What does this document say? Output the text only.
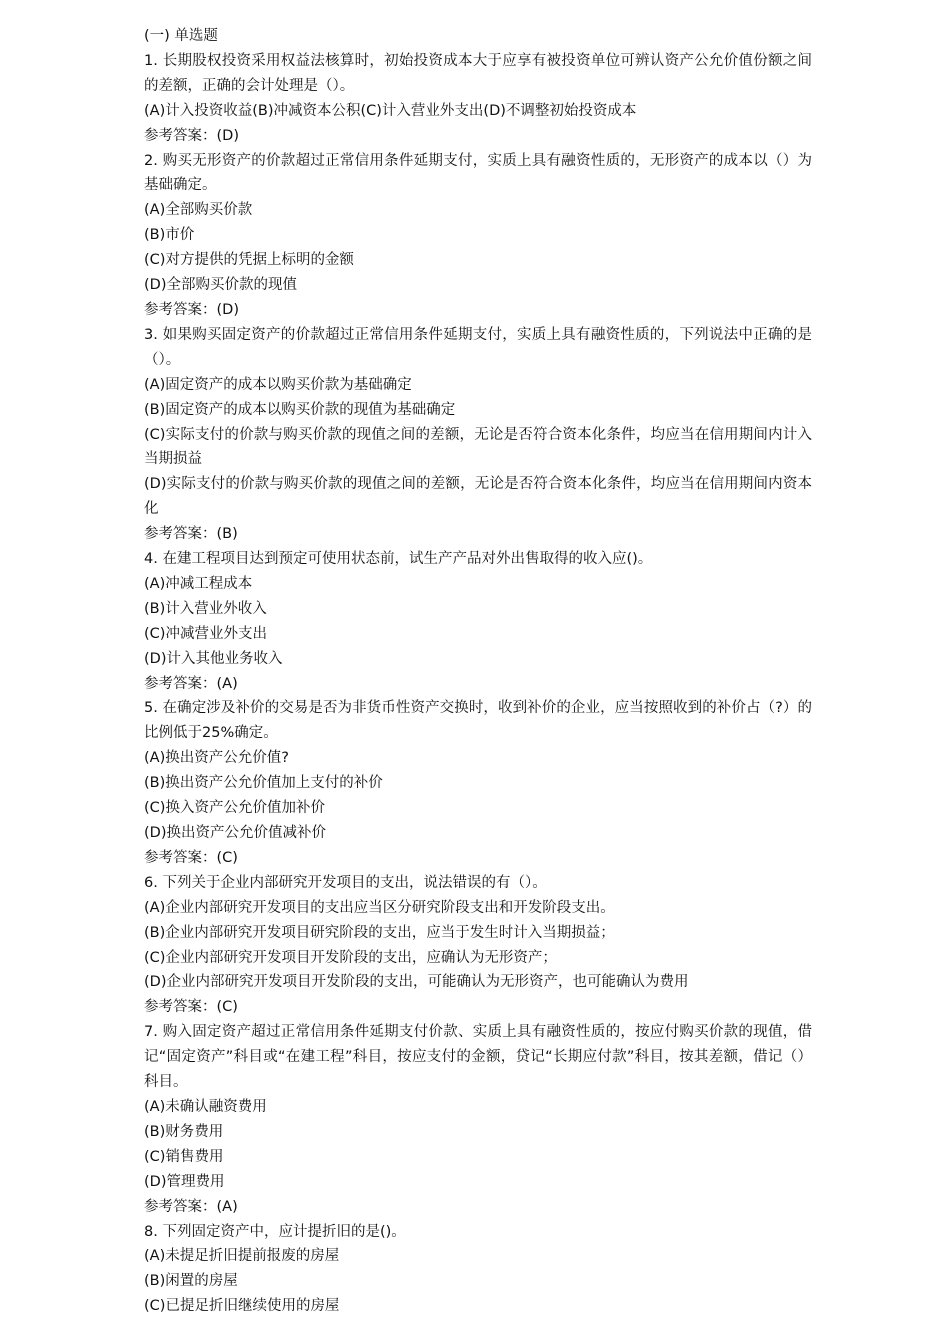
(一) 单选题
1. 长期股权投资采用权益法核算时，初始投资成本大于应享有被投资单位可辨认资产公允价值份额之间的差额，正确的会计处理是（）。
(A)计入投资收益(B)冲减资本公积(C)计入营业外支出(D)不调整初始投资成本
参考答案：(D)
2. 购买无形资产的价款超过正常信用条件延期支付，实质上具有融资性质的，无形资产的成本以（）为基础确定。
(A)全部购买价款
(B)市价
(C)对方提供的凭据上标明的金额
(D)全部购买价款的现值
参考答案：(D)
3. 如果购买固定资产的价款超过正常信用条件延期支付，实质上具有融资性质的，下列说法中正确的是（）。
(A)固定资产的成本以购买价款为基础确定
(B)固定资产的成本以购买价款的现值为基础确定
(C)实际支付的价款与购买价款的现值之间的差额，无论是否符合资本化条件，均应当在信用期间内计入当期损益
(D)实际支付的价款与购买价款的现值之间的差额，无论是否符合资本化条件，均应当在信用期间内资本化
参考答案：(B)
4. 在建工程项目达到预定可使用状态前，试生产产品对外出售取得的收入应()。
(A)冲减工程成本
(B)计入营业外收入
(C)冲减营业外支出
(D)计入其他业务收入
参考答案：(A)
5. 在确定涉及补价的交易是否为非货币性资产交换时，收到补价的企业，应当按照收到的补价占（?）的比例低于25%确定。
(A)换出资产公允价值?
(B)换出资产公允价值加上支付的补价
(C)换入资产公允价值加补价
(D)换出资产公允价值减补价
参考答案：(C)
6. 下列关于企业内部研究开发项目的支出，说法错误的有（）。
(A)企业内部研究开发项目的支出应当区分研究阶段支出和开发阶段支出。
(B)企业内部研究开发项目研究阶段的支出，应当于发生时计入当期损益；
(C)企业内部研究开发项目开发阶段的支出，应确认为无形资产；
(D)企业内部研究开发项目开发阶段的支出，可能确认为无形资产，也可能确认为费用
参考答案：(C)
7. 购入固定资产超过正常信用条件延期支付价款、实质上具有融资性质的，按应付购买价款的现值，借记“固定资产”科目或“在建工程”科目，按应支付的金额，贷记“长期应付款”科目，按其差额，借记（）科目。
(A)未确认融资费用
(B)财务费用
(C)销售费用
(D)管理费用
参考答案：(A)
8. 下列固定资产中，应计提折旧的是()。
(A)未提足折旧提前报废的房屋
(B)闲置的房屋
(C)已提足折旧继续使用的房屋
